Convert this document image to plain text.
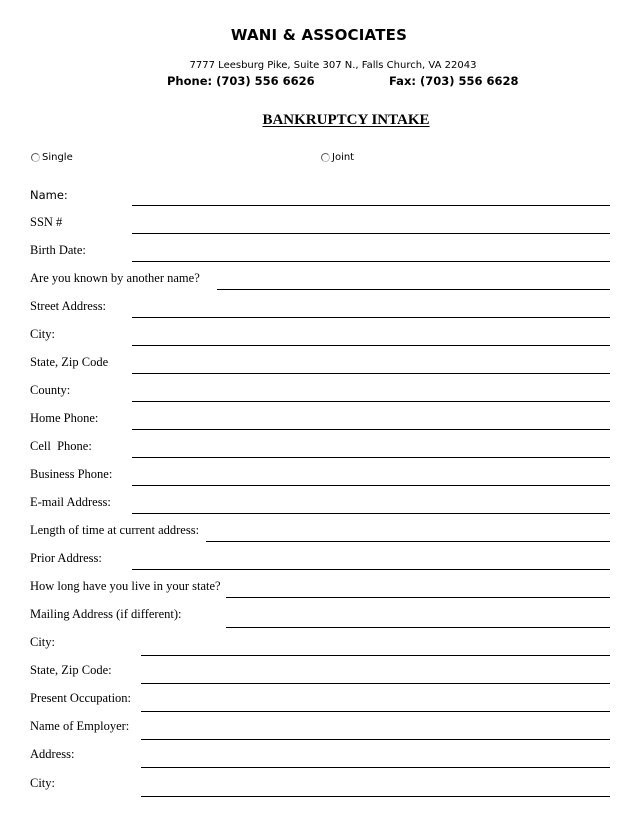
WANI & ASSOCIATES
7777 Leesburg Pike, Suite 307 N., Falls Church, VA 22043
Phone: (703) 556 6626	Fax: (703) 556 6628
BANKRUPTCY INTAKE
Single	Joint
Name:
SSN #
Birth Date:
Are you known by another name?
Street Address:
City:
State, Zip Code
County:
Home Phone:
Cell  Phone:
Business Phone:
E-mail Address:
Length of time at current address:
Prior Address:
How long have you live in your state?
Mailing Address (if different):
City:
State, Zip Code:
Present Occupation:
Name of Employer:
Address:
City:
